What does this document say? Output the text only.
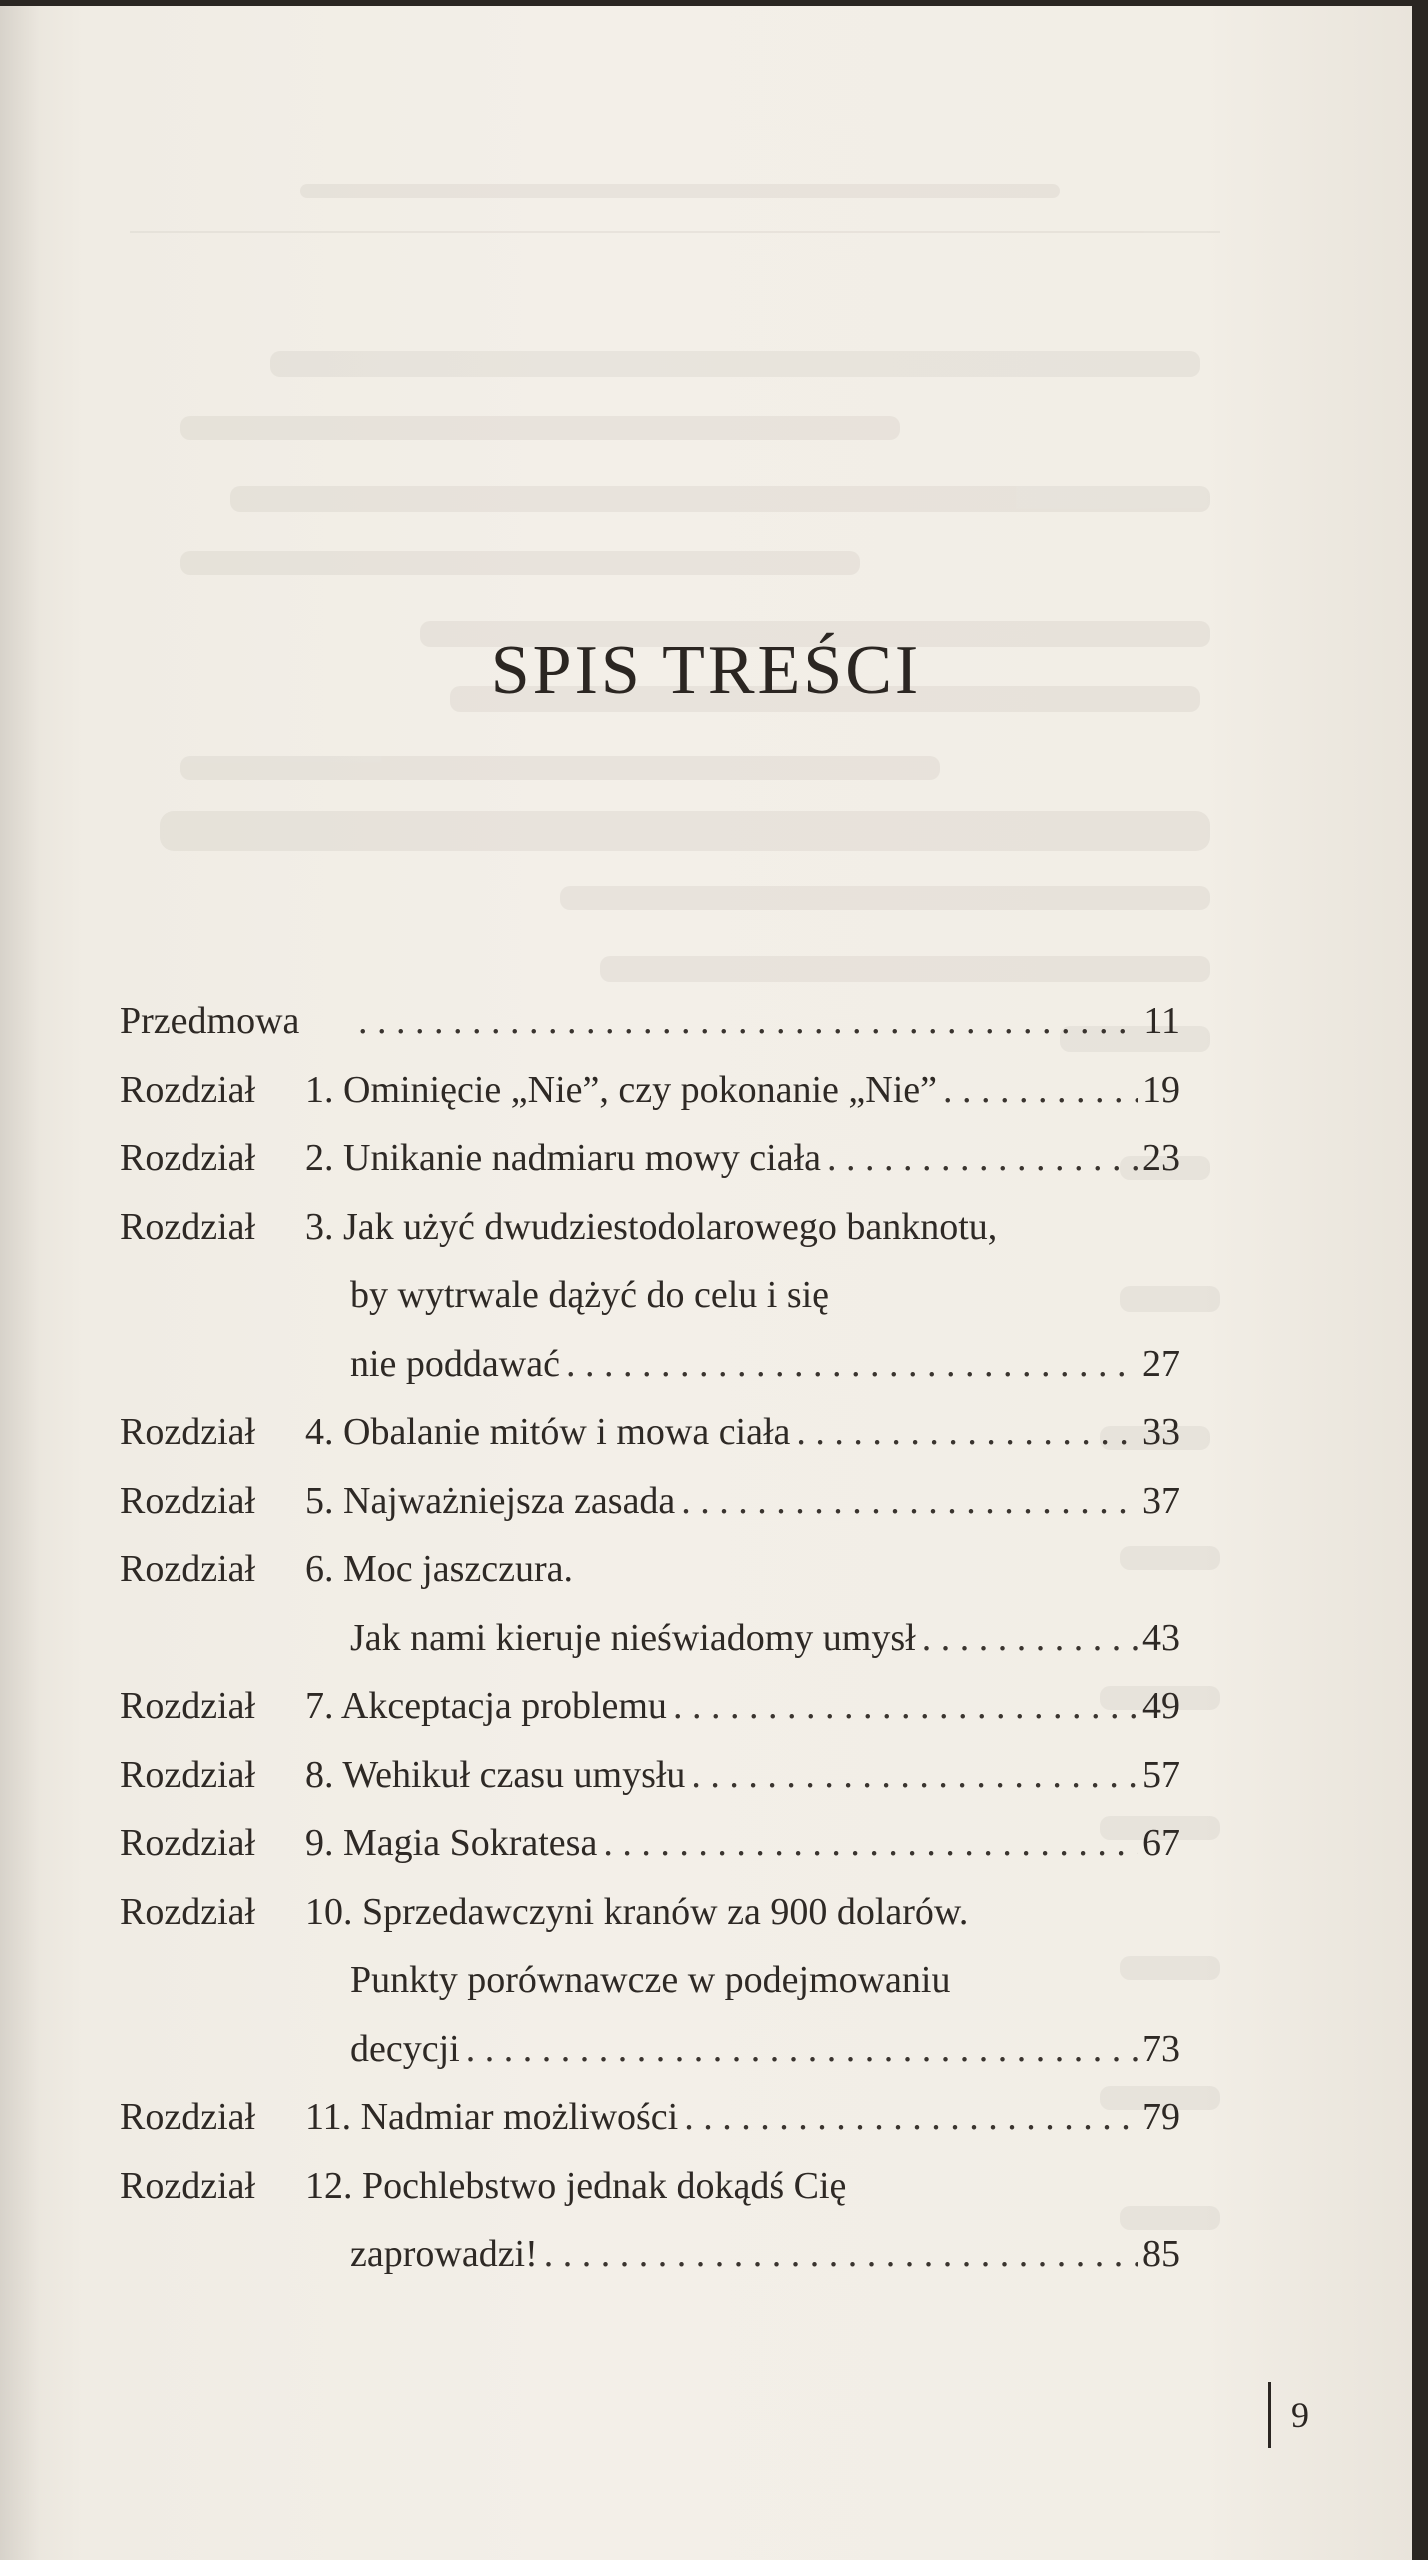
SPIS TREŚCI
Przedmowa . . .	11
Rozdział 1. Ominięcie „Nie”, czy pokonanie „Nie” . . .	19
Rozdział 2. Unikanie nadmiaru mowy ciała . . .	23
Rozdział 3. Jak użyć dwudziestodolarowego banknotu,
by wytrwale dążyć do celu i się
nie poddawać . . .	27
Rozdział 4. Obalanie mitów i mowa ciała . . .	33
Rozdział 5. Najważniejsza zasada . . .	37
Rozdział 6. Moc jaszczura.
Jak nami kieruje nieświadomy umysł . . .	43
Rozdział 7. Akceptacja problemu . . .	49
Rozdział 8. Wehikuł czasu umysłu . . .	57
Rozdział 9. Magia Sokratesa . . .	67
Rozdział 10. Sprzedawczyni kranów za 900 dolarów.
Punkty porównawcze w podejmowaniu
decycji . . .	73
Rozdział 11. Nadmiar możliwości . . .	79
Rozdział 12. Pochlebstwo jednak dokądś Cię
zaprowadzi! . . .	85
9
